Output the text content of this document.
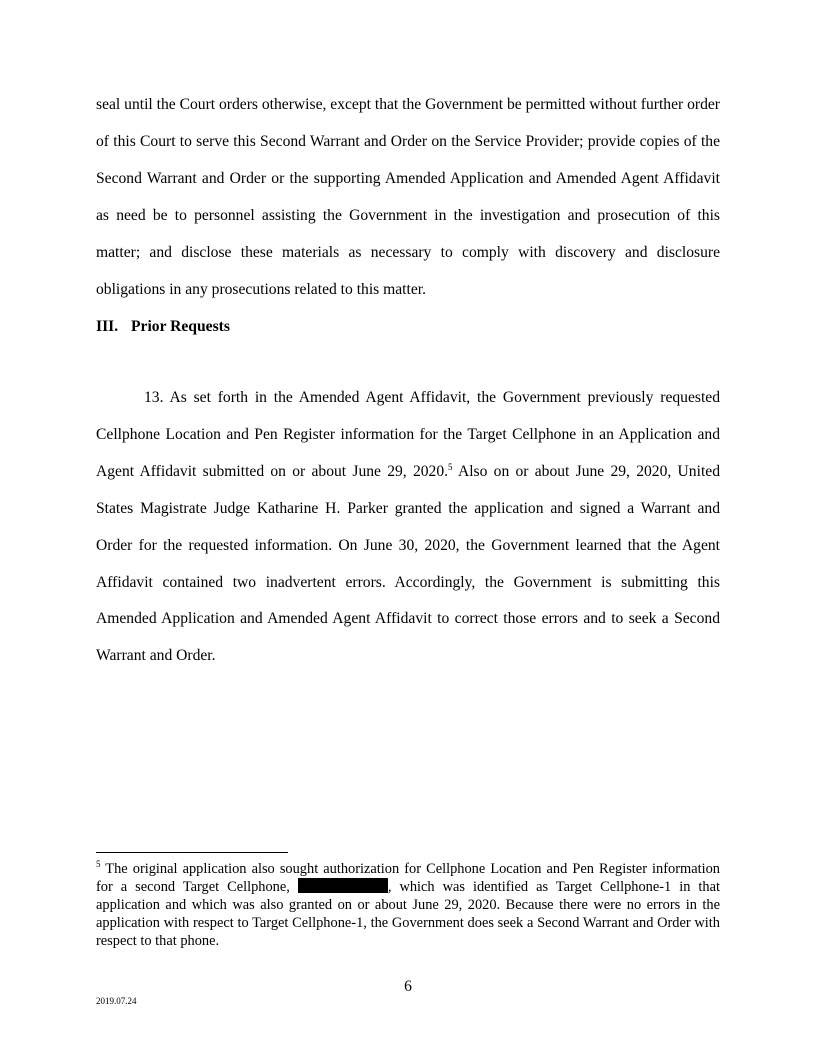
seal until the Court orders otherwise, except that the Government be permitted without further order of this Court to serve this Second Warrant and Order on the Service Provider; provide copies of the Second Warrant and Order or the supporting Amended Application and Amended Agent Affidavit as need be to personnel assisting the Government in the investigation and prosecution of this matter; and disclose these materials as necessary to comply with discovery and disclosure obligations in any prosecutions related to this matter.

III. Prior Requests

13. As set forth in the Amended Agent Affidavit, the Government previously requested Cellphone Location and Pen Register information for the Target Cellphone in an Application and Agent Affidavit submitted on or about June 29, 2020.$^5$ Also on or about June 29, 2020, United States Magistrate Judge Katharine H. Parker granted the application and signed a Warrant and Order for the requested information. On June 30, 2020, the Government learned that the Agent Affidavit contained two inadvertent errors. Accordingly, the Government is submitting this Amended Application and Amended Agent Affidavit to correct those errors and to seek a Second Warrant and Order.

$^5$ The original application also sought authorization for Cellphone Location and Pen Register information for a second Target Cellphone,	, which was identified as Target Cellphone-1 in that application and which was also granted on or about June 29, 2020. Because there were no errors in the application with respect to Target Cellphone-1, the Government does seek a Second Warrant and Order with respect to that phone.

6

2019.07.24
